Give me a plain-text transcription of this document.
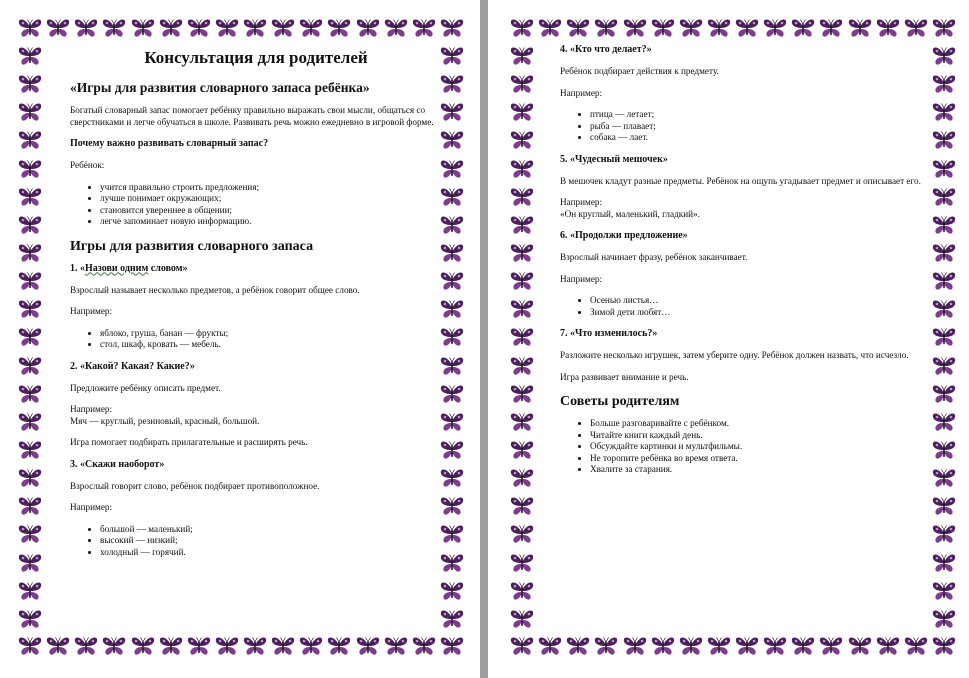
Консультация для родителей
«Игры для развития словарного запаса ребёнка»
Богатый словарный запас помогает ребёнку правильно выражать свои мысли, общаться со сверстниками и легче обучаться в школе. Развивать речь можно ежедневно в игровой форме.
Почему важно развивать словарный запас?
Ребёнок:
• учится правильно строить предложения;
• лучше понимает окружающих;
• становится увереннее в общении;
• легче запоминает новую информацию.
Игры для развития словарного запаса
1. «Назови одним словом»
Взрослый называет несколько предметов, а ребёнок говорит общее слово.
Например:
• яблоко, груша, банан — фрукты;
• стол, шкаф, кровать — мебель.
2. «Какой? Какая? Какие?»
Предложите ребёнку описать предмет.
Например:
Мяч — круглый, резиновый, красный, большой.
Игра помогает подбирать прилагательные и расширять речь.
3. «Скажи наоборот»
Взрослый говорит слово, ребёнок подбирает противоположное.
Например:
• большой — маленький;
• высокий — низкий;
• холодный — горячий.
4. «Кто что делает?»
Ребёнок подбирает действия к предмету.
Например:
• птица — летает;
• рыба — плавает;
• собака — лает.
5. «Чудесный мешочек»
В мешочек кладут разные предметы. Ребёнок на ощупь угадывает предмет и описывает его.
Например:
«Он круглый, маленький, гладкий».
6. «Продолжи предложение»
Взрослый начинает фразу, ребёнок заканчивает.
Например:
• Осенью листья…
• Зимой дети любят…
7. «Что изменилось?»
Разложите несколько игрушек, затем уберите одну. Ребёнок должен назвать, что исчезло.
Игра развивает внимание и речь.
Советы родителям
• Больше разговаривайте с ребёнком.
• Читайте книги каждый день.
• Обсуждайте картинки и мультфильмы.
• Не торопите ребёнка во время ответа.
• Хвалите за старания.
